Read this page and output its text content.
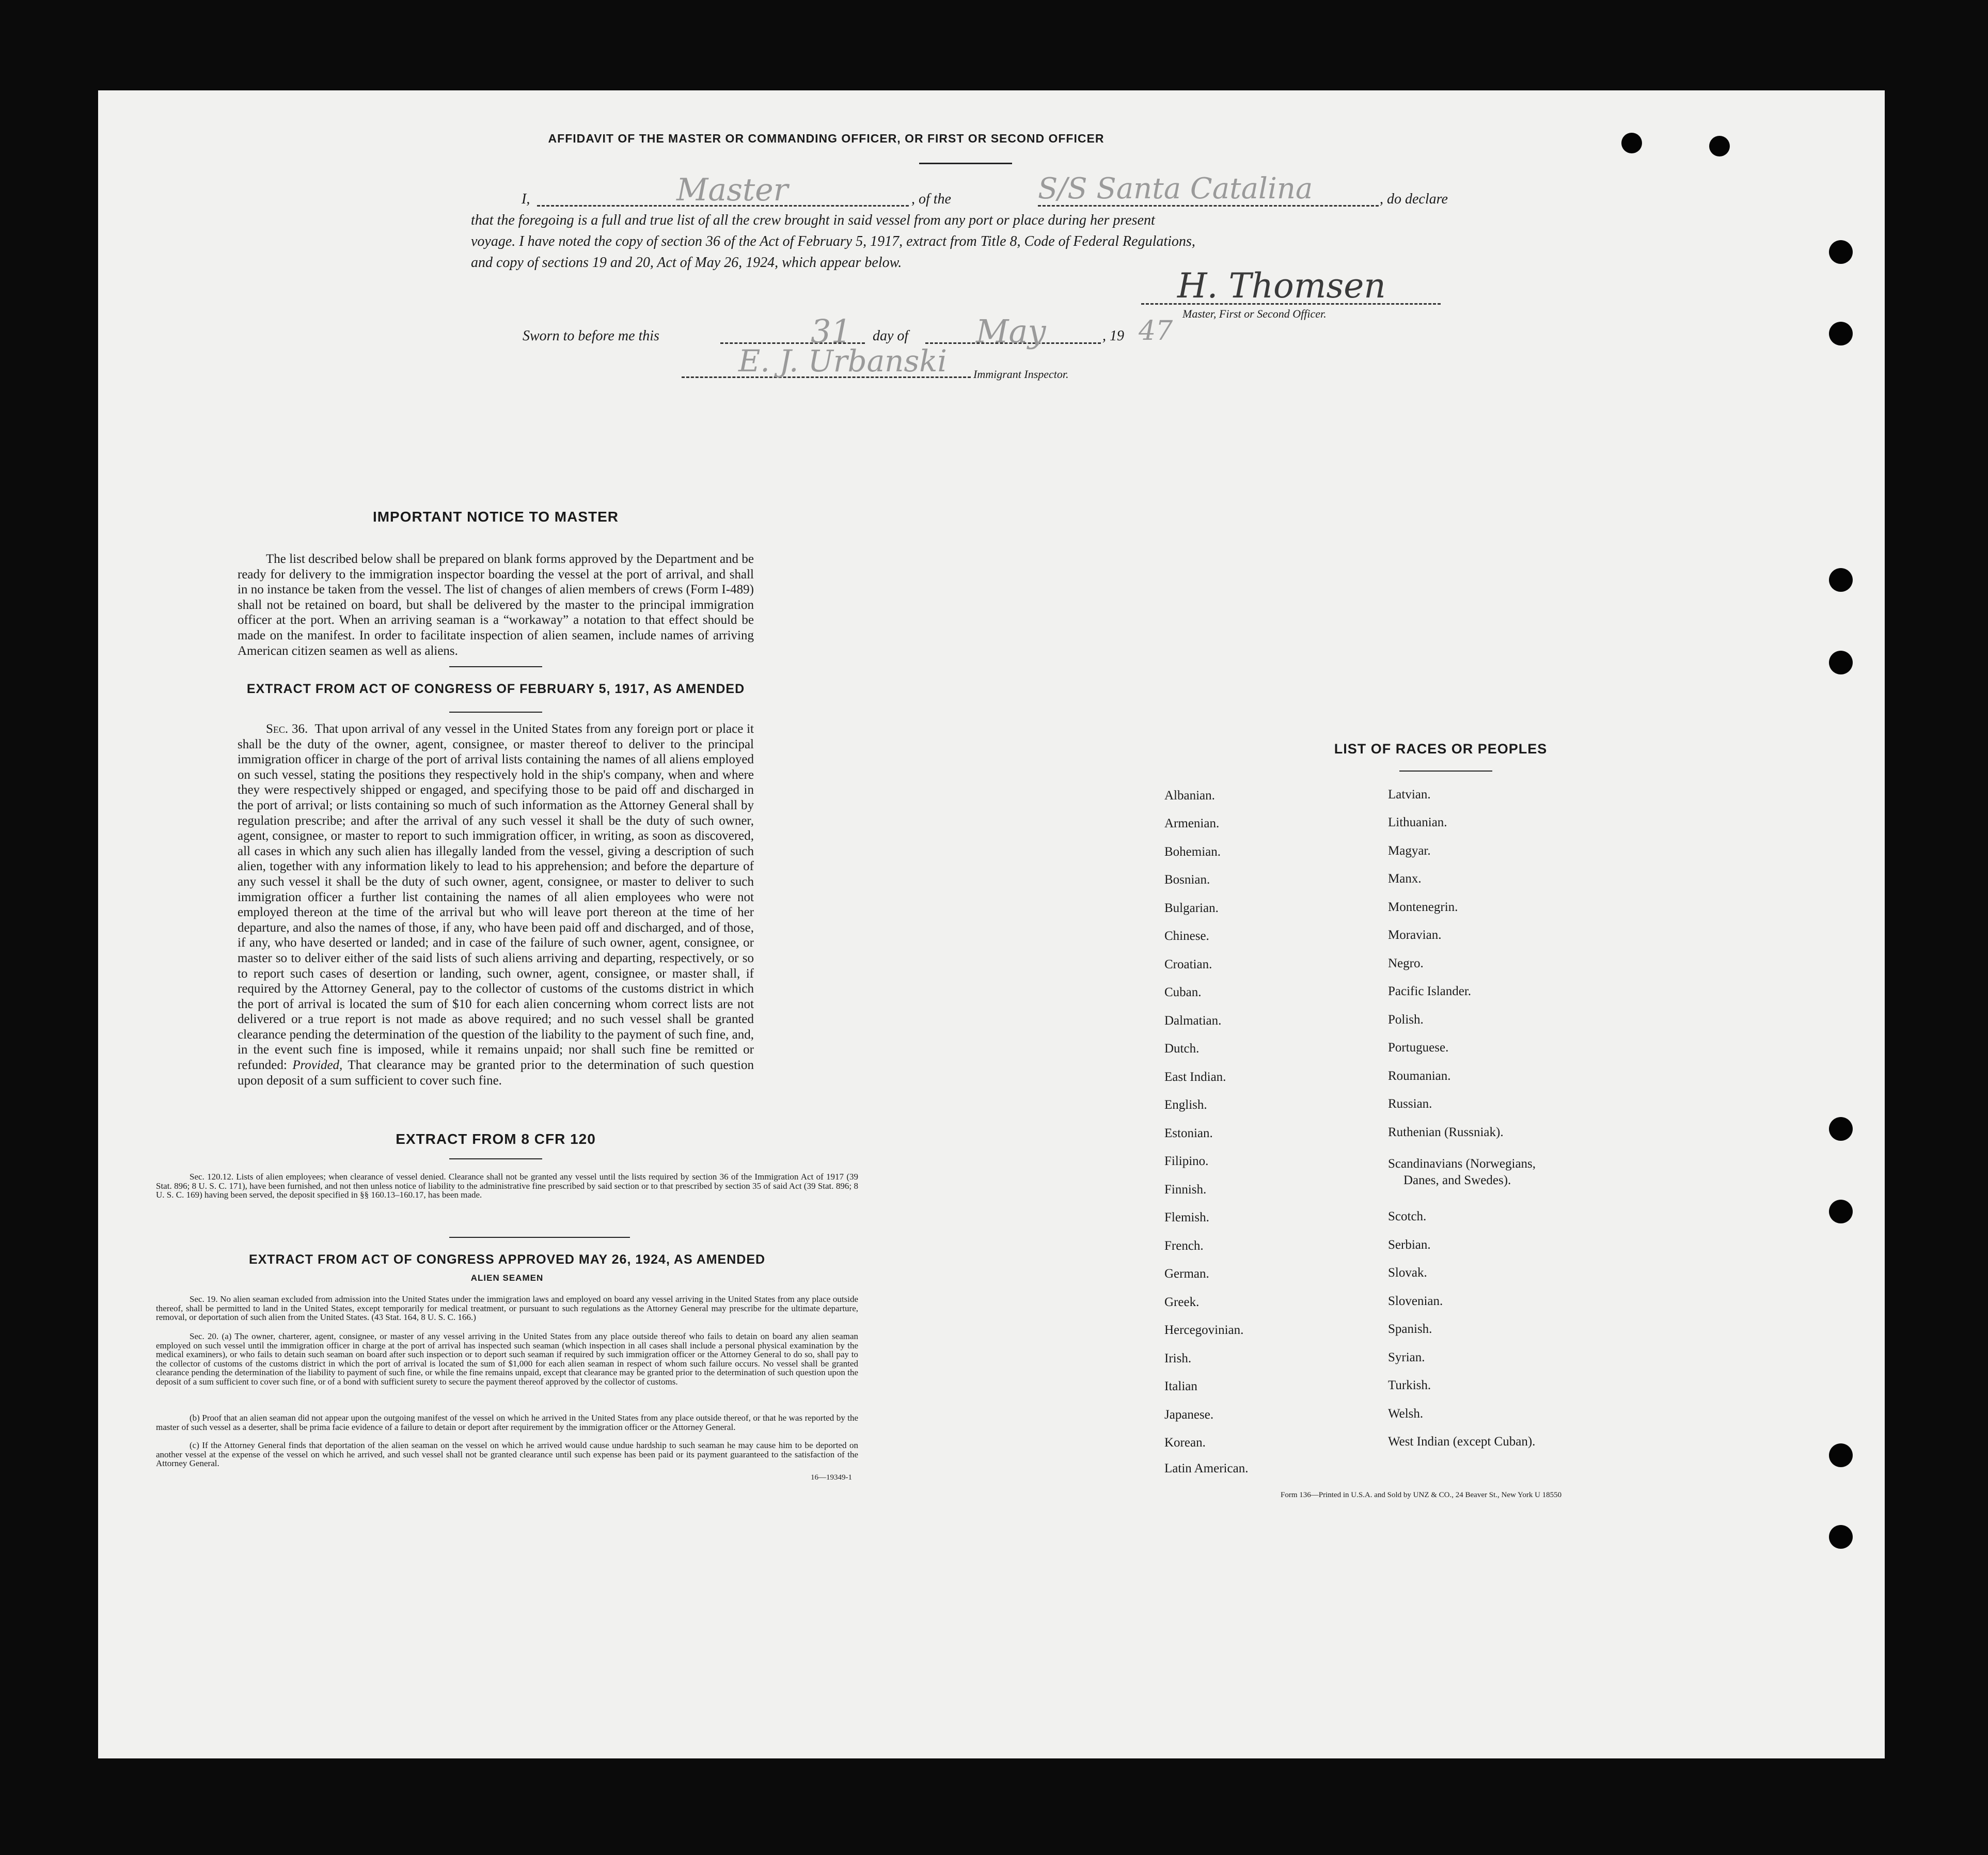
AFFIDAVIT OF THE MASTER OR COMMANDING OFFICER, OR FIRST OR SECOND OFFICER
I,	Master	, of the	S/S Santa Catalina	, do declare
that the foregoing is a full and true list of all the crew brought in said vessel from any port or place during her present
voyage. I have noted the copy of section 36 of the Act of February 5, 1917, extract from Title 8, Code of Federal Regulations,
and copy of sections 19 and 20, Act of May 26, 1924, which appear below.
H. Thomsen
Master, First or Second Officer.
Sworn to before me this	31 day of May	, 19 47
E. J. Urbanski Immigrant Inspector.
IMPORTANT NOTICE TO MASTER
The list described below shall be prepared on blank forms approved by the Department and be ready for delivery to the immigration inspector boarding the vessel at the port of arrival, and shall in no instance be taken from the vessel. The list of changes of alien members of crews (Form I-489) shall not be retained on board, but shall be delivered by the master to the principal immigration officer at the port. When an arriving seaman is a “workaway” a notation to that effect should be made on the manifest. In order to facilitate inspection of alien seamen, include names of arriving American citizen seamen as well as aliens.
EXTRACT FROM ACT OF CONGRESS OF FEBRUARY 5, 1917, AS AMENDED
Sec. 36. That upon arrival of any vessel in the United States from any foreign port or place it shall be the duty of the owner, agent, consignee, or master thereof to deliver to the principal immigration officer in charge of the port of arrival lists containing the names of all aliens employed on such vessel, stating the positions they respectively hold in the ship's company, when and where they were respectively shipped or engaged, and specifying those to be paid off and discharged in the port of arrival; or lists containing so much of such information as the Attorney General shall by regulation prescribe; and after the arrival of any such vessel it shall be the duty of such owner, agent, consignee, or master to report to such immigration officer, in writing, as soon as discovered, all cases in which any such alien has illegally landed from the vessel, giving a description of such alien, together with any information likely to lead to his apprehension; and before the departure of any such vessel it shall be the duty of such owner, agent, consignee, or master to deliver to such immigration officer a further list containing the names of all alien employees who were not employed thereon at the time of the arrival but who will leave port thereon at the time of her departure, and also the names of those, if any, who have been paid off and discharged, and of those, if any, who have deserted or landed; and in case of the failure of such owner, agent, consignee, or master so to deliver either of the said lists of such aliens arriving and departing, respectively, or so to report such cases of desertion or landing, such owner, agent, consignee, or master shall, if required by the Attorney General, pay to the collector of customs of the customs district in which the port of arrival is located the sum of $10 for each alien concerning whom correct lists are not delivered or a true report is not made as above required; and no such vessel shall be granted clearance pending the determination of the question of the liability to the payment of such fine, and, in the event such fine is imposed, while it remains unpaid; nor shall such fine be remitted or refunded: Provided, That clearance may be granted prior to the determination of such question upon deposit of a sum sufficient to cover such fine.
EXTRACT FROM 8 CFR 120
Sec. 120.12. Lists of alien employees; when clearance of vessel denied. Clearance shall not be granted any vessel until the lists required by section 36 of the Immigration Act of 1917 (39 Stat. 896; 8 U. S. C. 171), have been furnished, and not then unless notice of liability to the administrative fine prescribed by said section or to that prescribed by section 35 of said Act (39 Stat. 896; 8 U. S. C. 169) having been served, the deposit specified in §§ 160.13–160.17, has been made.
EXTRACT FROM ACT OF CONGRESS APPROVED MAY 26, 1924, AS AMENDED
ALIEN SEAMEN
Sec. 19. No alien seaman excluded from admission into the United States under the immigration laws and employed on board any vessel arriving in the United States from any place outside thereof, shall be permitted to land in the United States, except temporarily for medical treatment, or pursuant to such regulations as the Attorney General may prescribe for the ultimate departure, removal, or deportation of such alien from the United States. (43 Stat. 164, 8 U. S. C. 166.)
Sec. 20. (a) The owner, charterer, agent, consignee, or master of any vessel arriving in the United States from any place outside thereof who fails to detain on board any alien seaman employed on such vessel until the immigration officer in charge at the port of arrival has inspected such seaman (which inspection in all cases shall include a personal physical examination by the medical examiners), or who fails to detain such seaman on board after such inspection or to deport such seaman if required by such immigration officer or the Attorney General to do so, shall pay to the collector of customs of the customs district in which the port of arrival is located the sum of $1,000 for each alien seaman in respect of whom such failure occurs. No vessel shall be granted clearance pending the determination of the liability to payment of such fine, or while the fine remains unpaid, except that clearance may be granted prior to the determination of such question upon the deposit of a sum sufficient to cover such fine, or of a bond with sufficient surety to secure the payment thereof approved by the collector of customs.
(b) Proof that an alien seaman did not appear upon the outgoing manifest of the vessel on which he arrived in the United States from any place outside thereof, or that he was reported by the master of such vessel as a deserter, shall be prima facie evidence of a failure to detain or deport after requirement by the immigration officer or the Attorney General.
(c) If the Attorney General finds that deportation of the alien seaman on the vessel on which he arrived would cause undue hardship to such seaman he may cause him to be deported on another vessel at the expense of the vessel on which he arrived, and such vessel shall not be granted clearance until such expense has been paid or its payment guaranteed to the satisfaction of the Attorney General.
16—19349-1
LIST OF RACES OR PEOPLES
Albanian.
Armenian.
Bohemian.
Bosnian.
Bulgarian.
Chinese.
Croatian.
Cuban.
Dalmatian.
Dutch.
East Indian.
English.
Estonian.
Filipino.
Finnish.
Flemish.
French.
German.
Greek.
Hercegovinian.
Irish.
Italian
Japanese.
Korean.
Latin American.
Latvian.
Lithuanian.
Magyar.
Manx.
Montenegrin.
Moravian.
Negro.
Pacific Islander.
Polish.
Portuguese.
Roumanian.
Russian.
Ruthenian (Russniak).
Scandinavians (Norwegians,
Danes, and Swedes).
Scotch.
Serbian.
Slovak.
Slovenian.
Spanish.
Syrian.
Turkish.
Welsh.
West Indian (except Cuban).
Form 136—Printed in U.S.A. and Sold by UNZ & CO., 24 Beaver St., New York U 18550
